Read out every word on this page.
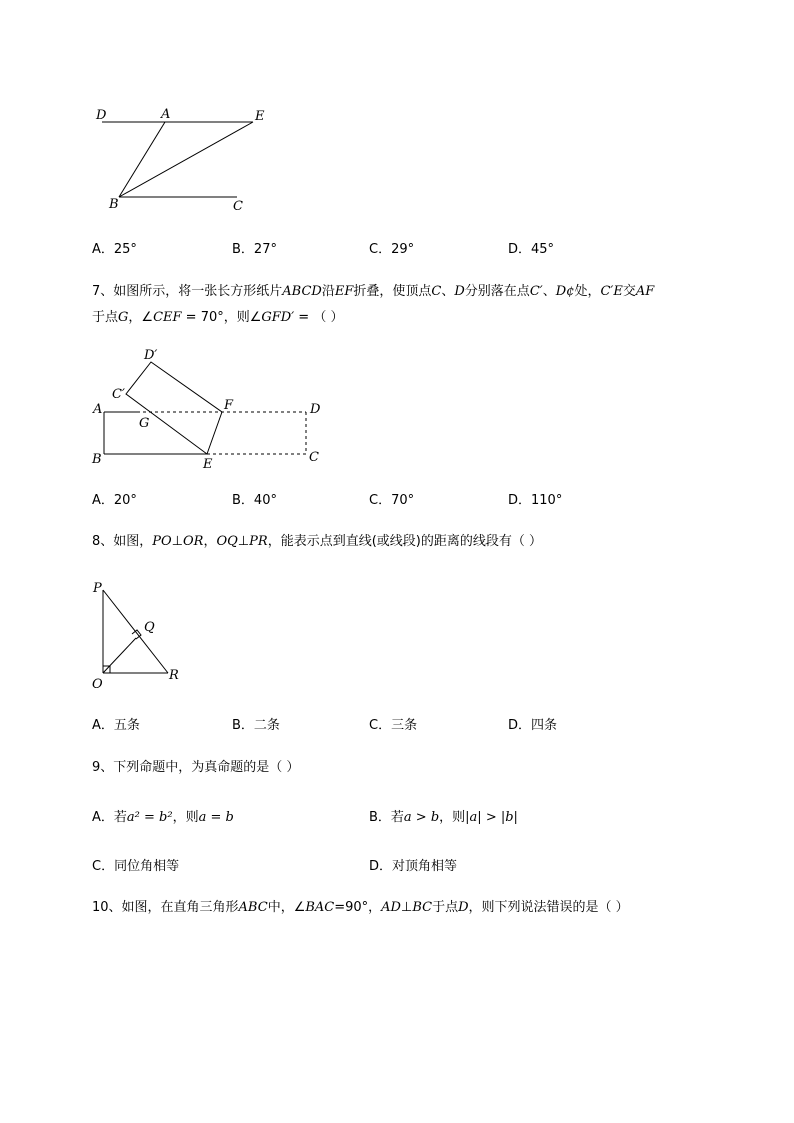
D	A	E
B	C
A．25°	B．27°	C．29°	D．45°
7、如图所示，将一张长方形纸片ABCD沿EF折叠，使顶点C、D分别落在点C′、D¢处，C′E交AF
于点G，∠CEF = 70°，则∠GFD′ = （ ）
D′
C′
A	F	D
G
B	E	C
A．20°	B．40°	C．70°	D．110°
8、如图，PO⊥OR，OQ⊥PR，能表示点到直线(或线段)的距离的线段有（ ）
P
Q
O
R
A．五条	B．二条	C．三条	D．四条
9、下列命题中，为真命题的是（ ）
A．若a² = b²，则a = b	B．若a > b，则|a| > |b|
C．同位角相等	D．对顶角相等
10、如图，在直角三角形ABC中，∠BAC=90°，AD⊥BC于点D，则下列说法错误的是（ ）
